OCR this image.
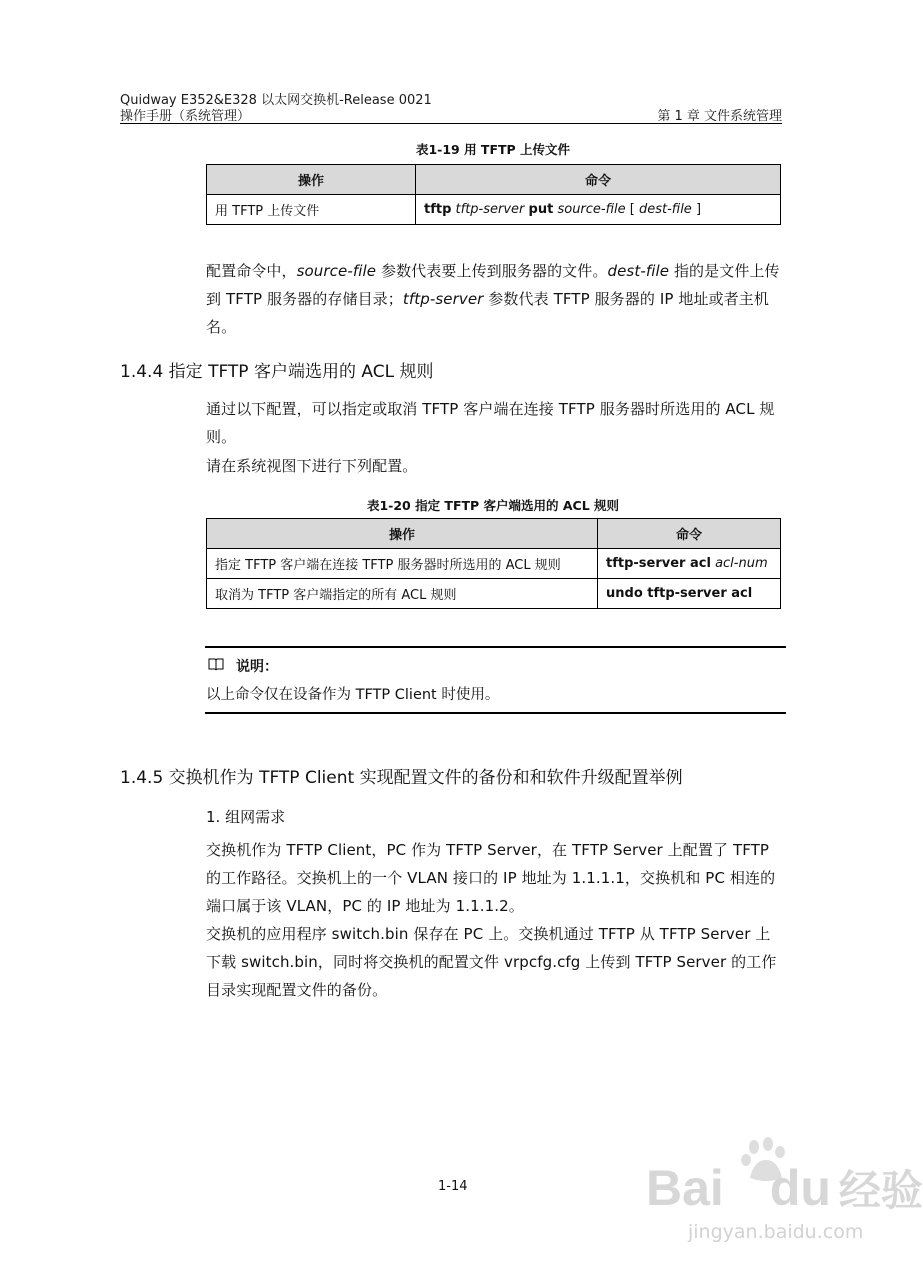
Quidway E352&E328 以太网交换机-Release 0021
操作手册（系统管理）	第 1 章 文件系统管理
表1-19 用 TFTP 上传文件
操作	命令
用 TFTP 上传文件	tftp tftp-server put source-file [ dest-file ]
配置命令中，source-file 参数代表要上传到服务器的文件。dest-file 指的是文件上传到 TFTP 服务器的存储目录；tftp-server 参数代表 TFTP 服务器的 IP 地址或者主机名。
1.4.4 指定 TFTP 客户端选用的 ACL 规则
通过以下配置，可以指定或取消 TFTP 客户端在连接 TFTP 服务器时所选用的 ACL 规则。
请在系统视图下进行下列配置。
表1-20 指定 TFTP 客户端选用的 ACL 规则
操作	命令
指定 TFTP 客户端在连接 TFTP 服务器时所选用的 ACL 规则	tftp-server acl acl-num
取消为 TFTP 客户端指定的所有 ACL 规则	undo tftp-server acl
说明：
以上命令仅在设备作为 TFTP Client 时使用。
1.4.5 交换机作为 TFTP Client 实现配置文件的备份和和软件升级配置举例
1. 组网需求
交换机作为 TFTP Client，PC 作为 TFTP Server，在 TFTP Server 上配置了 TFTP 的工作路径。交换机上的一个 VLAN 接口的 IP 地址为 1.1.1.1，交换机和 PC 相连的端口属于该 VLAN，PC 的 IP 地址为 1.1.1.2。
交换机的应用程序 switch.bin 保存在 PC 上。交换机通过 TFTP 从 TFTP Server 上下载 switch.bin，同时将交换机的配置文件 vrpcfg.cfg 上传到 TFTP Server 的工作目录实现配置文件的备份。
1-14	Bai du 经验
jingyan.baidu.com
